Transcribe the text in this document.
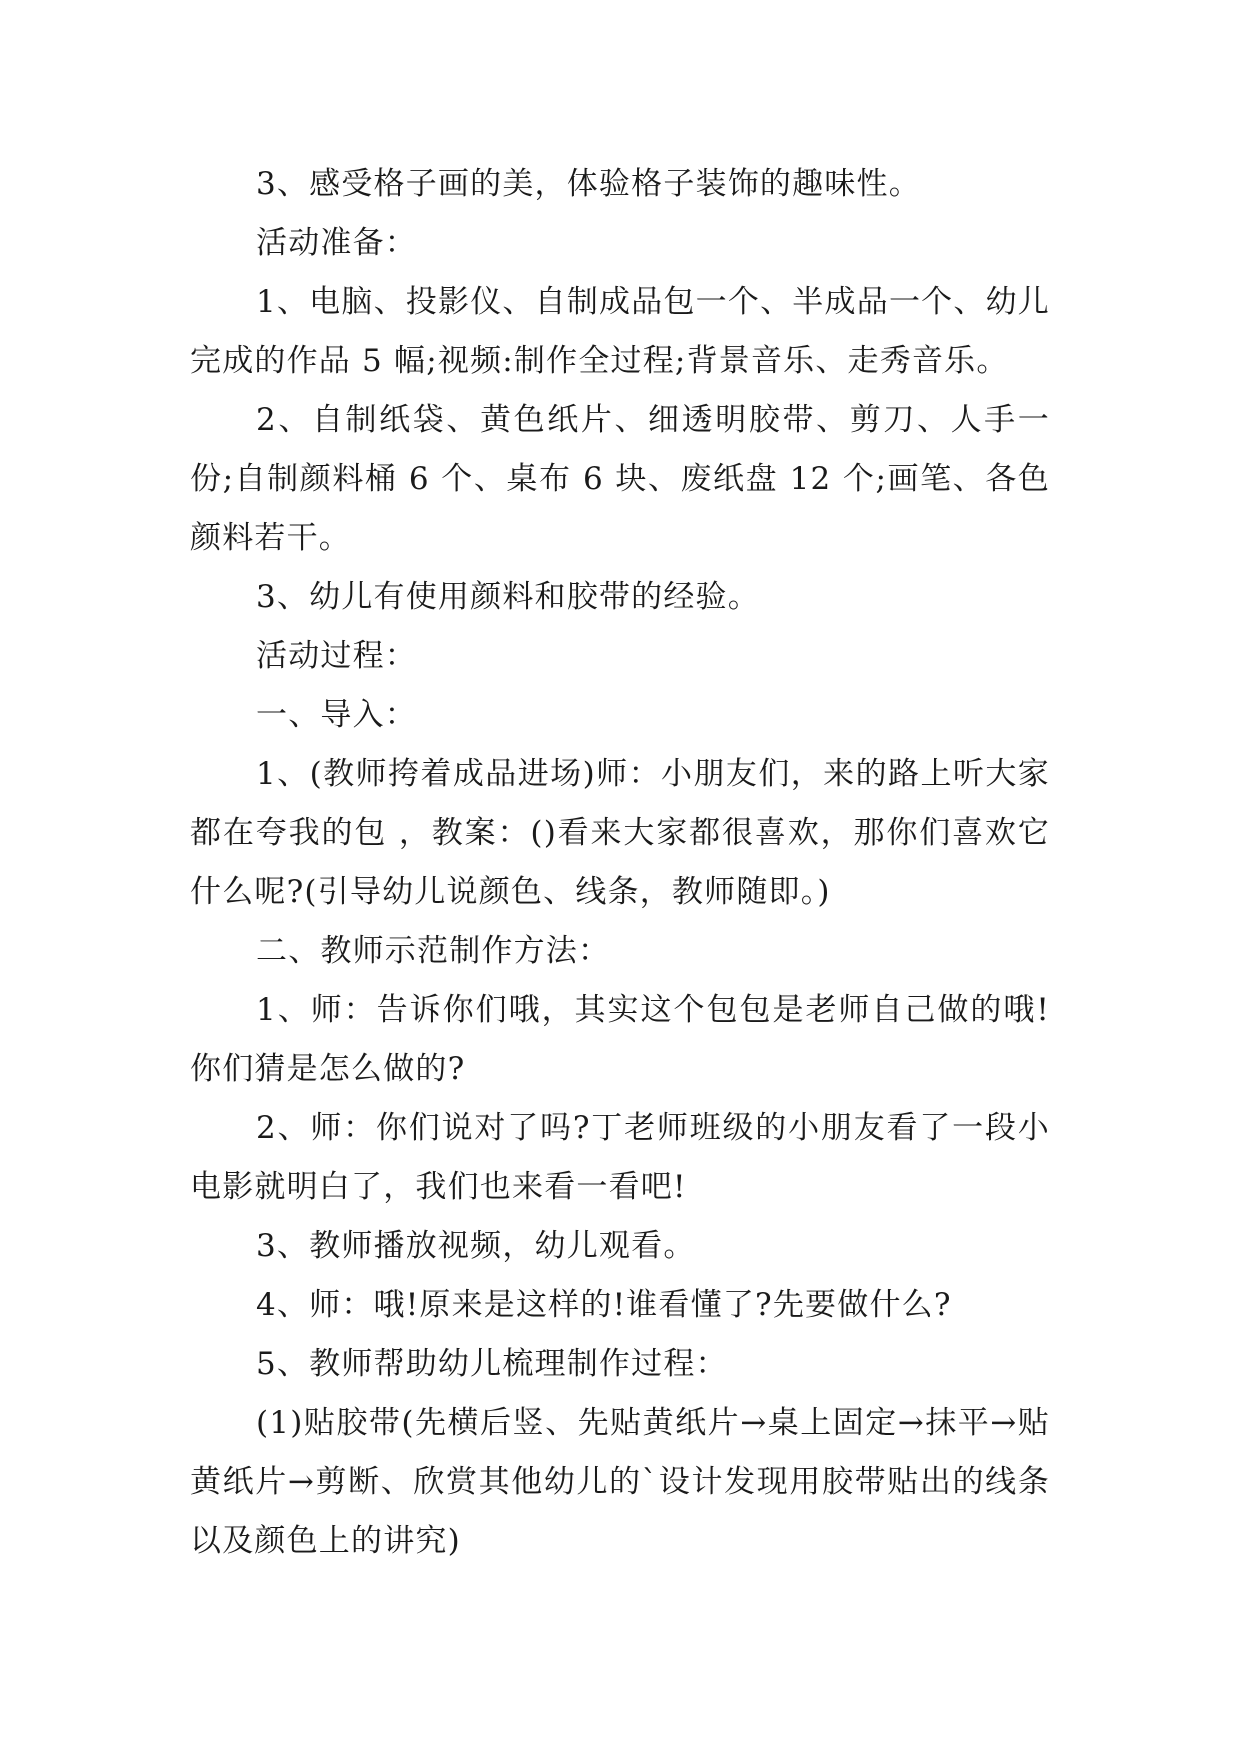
3、感受格子画的美，体验格子装饰的趣味性。

活动准备：

1、电脑、投影仪、自制成品包一个、半成品一个、幼儿完成的作品 5 幅;视频:制作全过程;背景音乐、走秀音乐。

2、自制纸袋、黄色纸片、细透明胶带、剪刀、人手一份;自制颜料桶 6 个、桌布 6 块、废纸盘 12 个;画笔、各色颜料若干。

3、幼儿有使用颜料和胶带的经验。

活动过程：

一、导入：

1、(教师挎着成品进场)师：小朋友们，来的路上听大家都在夸我的包 ，教案：()看来大家都很喜欢，那你们喜欢它什么呢?(引导幼儿说颜色、线条，教师随即。)

二、教师示范制作方法：

1、师：告诉你们哦，其实这个包包是老师自己做的哦!你们猜是怎么做的?

2、师：你们说对了吗?丁老师班级的小朋友看了一段小电影就明白了，我们也来看一看吧!

3、教师播放视频，幼儿观看。

4、师：哦!原来是这样的!谁看懂了?先要做什么?

5、教师帮助幼儿梳理制作过程：

(1)贴胶带(先横后竖、先贴黄纸片→桌上固定→抹平→贴黄纸片→剪断、欣赏其他幼儿的`设计发现用胶带贴出的线条以及颜色上的讲究)
